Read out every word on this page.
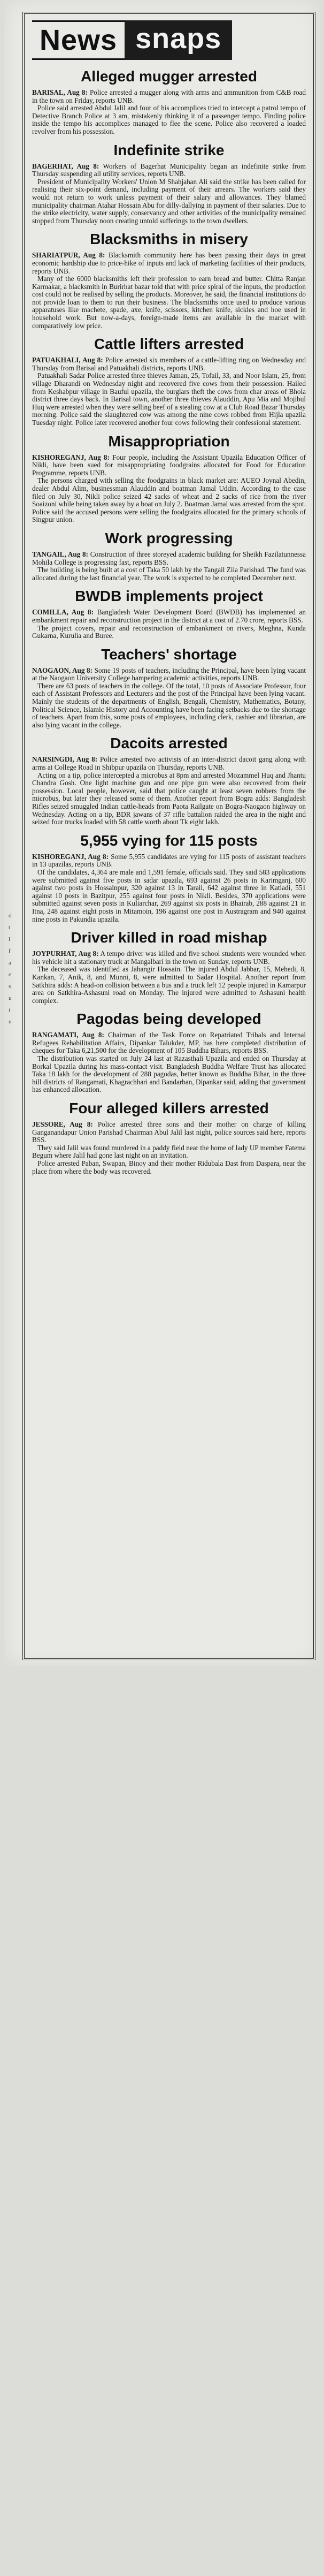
d
t
l
f
a
e
s
u
i
n
News snaps
Alleged mugger arrested

BARISAL, Aug 8: Police arrested a mugger along with arms and ammunition from C&B road in the town on Friday, reports UNB.

Police said arrested Abdul Jalil and four of his accomplices tried to intercept a patrol tempo of Detective Branch Police at 3 am, mistakenly thinking it of a passenger tempo. Finding police inside the tempo his accomplices managed to flee the scene. Police also recovered a loaded revolver from his possession.

Indefinite strike

BAGERHAT, Aug 8: Workers of Bagerhat Municipality began an indefinite strike from Thursday suspending all utility services, reports UNB.

President of Municipality Workers' Union M Shahjahan Ali said the strike has been called for realising their six-point demand, including payment of their arrears. The workers said they would not return to work unless payment of their salary and allowances. They blamed municipality chairman Atahar Hossain Abu for dilly-dallying in payment of their salaries. Due to the strike electricity, water supply, conservancy and other activities of the municipality remained stopped from Thursday noon creating untold sufferings to the town dwellers.

Blacksmiths in misery

SHARIATPUR, Aug 8: Blacksmith community here has been passing their days in great economic hardship due to price-hike of inputs and lack of marketing facilities of their products, reports UNB.

Many of the 6000 blacksmiths left their profession to earn bread and butter. Chitta Ranjan Karmakar, a blacksmith in Burirhat bazar told that with price spiral of the inputs, the production cost could not be realised by selling the products. Moreover, he said, the financial institutions do not provide loan to them to run their business. The blacksmiths once used to produce various apparatuses like machete, spade, axe, knife, scissors, kitchen knife, sickles and hoe used in household work. But now-a-days, foreign-made items are available in the market with comparatively low price.

Cattle lifters arrested

PATUAKHALI, Aug 8: Police arrested six members of a cattle-lifting ring on Wednesday and Thursday from Barisal and Patuakhali districts, reports UNB.

Patuakhali Sadar Police arrested three thieves Jaman, 25, Tofail, 33, and Noor Islam, 25, from village Dharandi on Wednesday night and recovered five cows from their possession. Hailed from Keshabpur village in Bauful upazila, the burglars theft the cows from char areas of Bhola district three days back. In Barisal town, another three thieves Alauddin, Apu Mia and Mojibul Huq were arrested when they were selling beef of a stealing cow at a Club Road Bazar Thursday morning. Police said the slaughtered cow was among the nine cows robbed from Hijla upazila Tuesday night. Police later recovered another four cows following their confessional statement.

Misappropriation

KISHOREGANJ, Aug 8: Four people, including the Assistant Upazila Education Officer of Nikli, have been sued for misappropriating foodgrains allocated for Food for Education Programme, reports UNB.

The persons charged with selling the foodgrains in black market are: AUEO Joynal Abedin, dealer Abdul Alim, businessman Alauddin and boatman Jamal Uddin. According to the case filed on July 30, Nikli police seized 42 sacks of wheat and 2 sacks of rice from the river Soaizoni while being taken away by a boat on July 2. Boatman Jamal was arrested from the spot. Police said the accused persons were selling the foodgrains allocated for the primary schools of Singpur union.

Work progressing

TANGAIL, Aug 8: Construction of three storeyed academic building for Sheikh Fazilatunnessa Mohila College is progressing fast, reports BSS.

The building is being built at a cost of Taka 50 lakh by the Tangail Zila Parishad. The fund was allocated during the last financial year. The work is expected to be completed December next.

BWDB implements project

COMILLA, Aug 8: Bangladesh Water Development Board (BWDB) has implemented an embankment repair and reconstruction project in the district at a cost of 2.70 crore, reports BSS.

The project covers, repair and reconstruction of embankment on rivers, Meghna, Kunda Gukarna, Kurulia and Buree.

Teachers' shortage

NAOGAON, Aug 8: Some 19 posts of teachers, including the Principal, have been lying vacant at the Naogaon University College hampering academic activities, reports UNB.

There are 63 posts of teachers in the college. Of the total, 10 posts of Associate Professor, four each of Assistant Professors and Lecturers and the post of the Principal have been lying vacant. Mainly the students of the departments of English, Bengali, Chemistry, Mathematics, Botany, Political Science, Islamic History and Accounting have been facing setbacks due to the shortage of teachers. Apart from this, some posts of employees, including clerk, cashier and librarian, are also lying vacant in the college.

Dacoits arrested

NARSINGDI, Aug 8: Police arrested two activists of an inter-district dacoit gang along with arms at College Road in Shibpur upazila on Thursday, reports UNB.

Acting on a tip, police intercepted a microbus at 8pm and arrested Mozammel Huq and Jhantu Chandra Gosh. One light machine gun and one pipe gun were also recovered from their possession. Local people, however, said that police caught at least seven robbers from the microbus, but later they released some of them. Another report from Bogra adds: Bangladesh Rifles seized smuggled Indian cattle-heads from Paota Railgate on Bogra-Naogaon highway on Wednesday. Acting on a tip, BDR jawans of 37 rifle battalion raided the area in the night and seized four trucks loaded with 58 cattle worth about Tk eight lakh.

5,955 vying for 115 posts

KISHOREGANJ, Aug 8: Some 5,955 candidates are vying for 115 posts of assistant teachers in 13 upazilas, reports UNB.

Of the candidates, 4,364 are male and 1,591 female, officials said. They said 583 applications were submitted against five posts in sadar upazila, 693 against 26 posts in Karimganj, 600 against two posts in Hossainpur, 320 against 13 in Tarail, 642 against three in Katiadi, 551 against 10 posts in Bazitpur, 255 against four posts in Nikli. Besides, 370 applications were submitted against seven posts in Kuliarchar, 269 against six posts in Bhairab, 288 against 21 in Itna, 248 against eight posts in Mitamoin, 196 against one post in Austragram and 940 against nine posts in Pakundia upazila.

Driver killed in road mishap

JOYPURHAT, Aug 8: A tempo driver was killed and five school students were wounded when his vehicle hit a stationary truck at Mangalbari in the town on Sunday, reports UNB.

The deceased was identified as Jahangir Hossain. The injured Abdul Jabbar, 15, Mehedi, 8, Kankan, 7, Anik, 8, and Munni, 8, were admitted to Sadar Hospital. Another report from Satkhira adds: A head-on collision between a bus and a truck left 12 people injured in Kamarpur area on Satkhira-Ashasuni road on Monday. The injured were admitted to Ashasuni health complex.

Pagodas being developed

RANGAMATI, Aug 8: Chairman of the Task Force on Repatriated Tribals and Internal Refugees Rehabilitation Affairs, Dipankar Talukder, MP, has here completed distribution of cheques for Taka 6,21,500 for the development of 105 Buddha Bihars, reports BSS.

The distribution was started on July 24 last at Razasthali Upazila and ended on Thursday at Borkal Upazila during his mass-contact visit. Bangladesh Buddha Welfare Trust has allocated Taka 18 lakh for the development of 288 pagodas, better known as Buddha Bihar, in the three hill districts of Rangamati, Khagrachhari and Bandarban, Dipankar said, adding that government has enhanced allocation.

Four alleged killers arrested

JESSORE, Aug 8: Police arrested three sons and their mother on charge of killing Ganganandapur Union Parishad Chairman Abul Jalil last night, police sources said here, reports BSS.

They said Jalil was found murdered in a paddy field near the home of lady UP member Fatema Begum where Jalil had gone last night on an invitation.

Police arrested Paban, Swapan, Binoy and their mother Ridubala Dast from Daspara, near the place from where the body was recovered.
